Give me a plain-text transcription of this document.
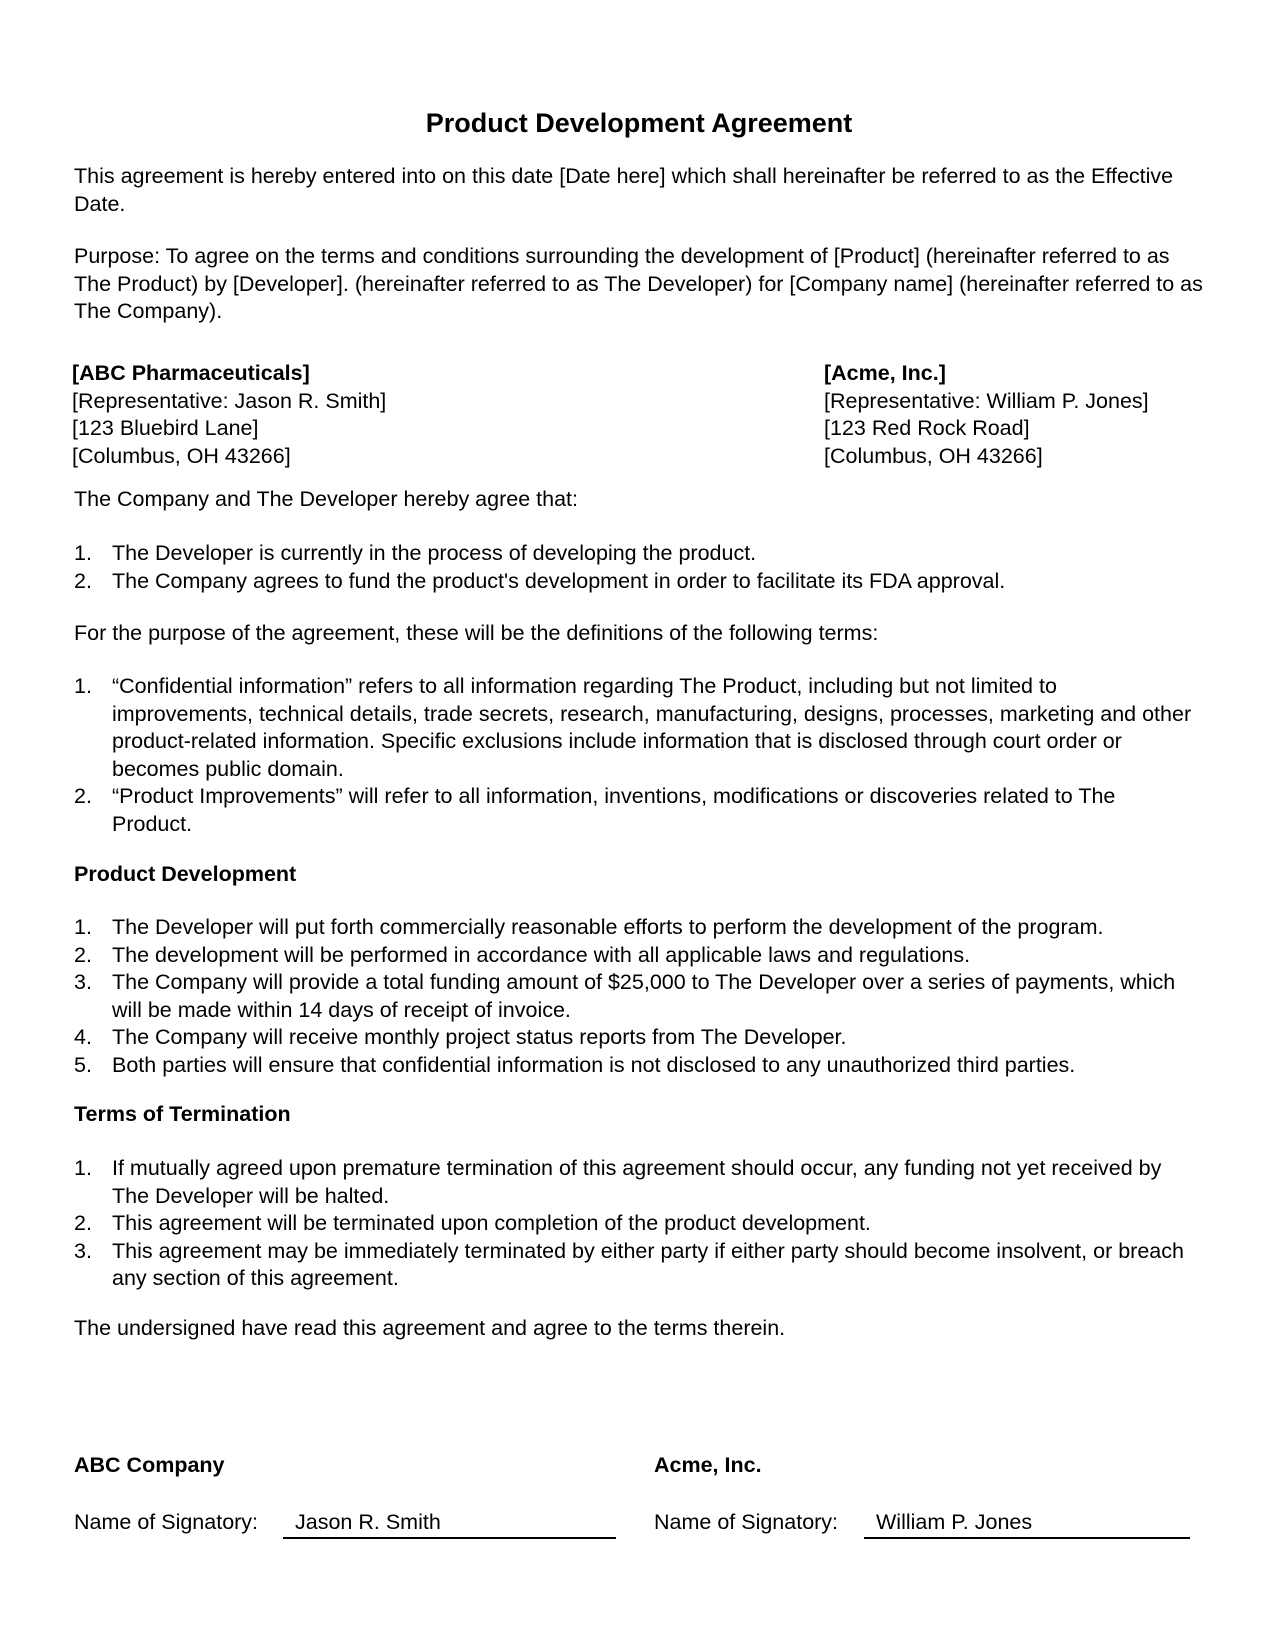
Product Development Agreement

This agreement is hereby entered into on this date [Date here] which shall hereinafter be referred to as the Effective Date.

Purpose: To agree on the terms and conditions surrounding the development of [Product] (hereinafter referred to as The Product) by [Developer]. (hereinafter referred to as The Developer) for [Company name] (hereinafter referred to as The Company).

[ABC Pharmaceuticals]
[Representative: Jason R. Smith]
[123 Bluebird Lane]
[Columbus, OH 43266]
[Acme, Inc.]
[Representative: William P. Jones]
[123 Red Rock Road]
[Columbus, OH 43266]

The Company and The Developer hereby agree that:

1. The Developer is currently in the process of developing the product.
2. The Company agrees to fund the product's development in order to facilitate its FDA approval.

For the purpose of the agreement, these will be the definitions of the following terms:

1. “Confidential information” refers to all information regarding The Product, including but not limited to improvements, technical details, trade secrets, research, manufacturing, designs, processes, marketing and other product-related information. Specific exclusions include information that is disclosed through court order or becomes public domain.
2. “Product Improvements” will refer to all information, inventions, modifications or discoveries related to The Product.

Product Development

1. The Developer will put forth commercially reasonable efforts to perform the development of the program.
2. The development will be performed in accordance with all applicable laws and regulations.
3. The Company will provide a total funding amount of $25,000 to The Developer over a series of payments, which will be made within 14 days of receipt of invoice.
4. The Company will receive monthly project status reports from The Developer.
5. Both parties will ensure that confidential information is not disclosed to any unauthorized third parties.

Terms of Termination

1. If mutually agreed upon premature termination of this agreement should occur, any funding not yet received by The Developer will be halted.
2. This agreement will be terminated upon completion of the product development.
3. This agreement may be immediately terminated by either party if either party should become insolvent, or breach any section of this agreement.

The undersigned have read this agreement and agree to the terms therein.

ABC Company
Name of Signatory:	Jason R. Smith
Acme, Inc.
Name of Signatory:	William P. Jones
